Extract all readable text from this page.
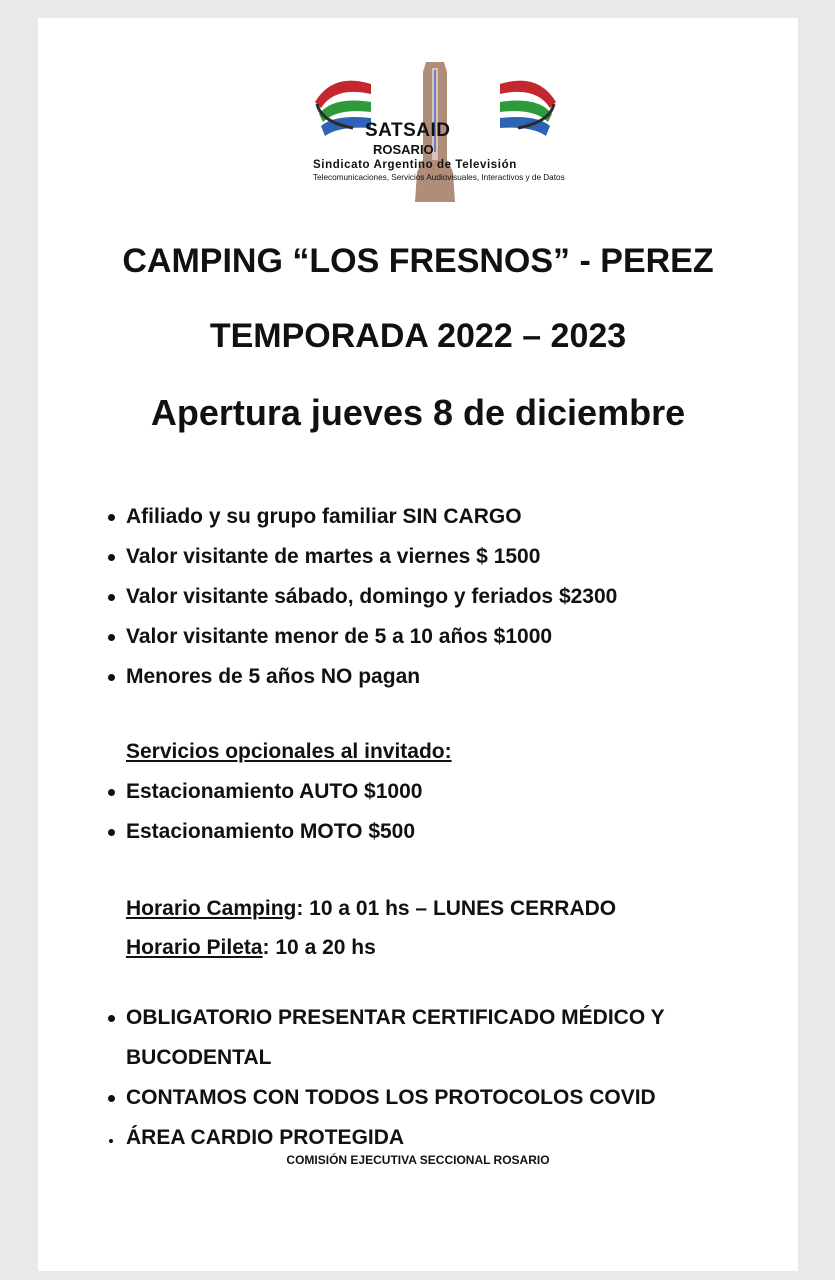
SATSAID
ROSARIO
Sindicato Argentino de Televisión
Telecomunicaciones, Servicios Audiovisuales, Interactivos y de Datos
CAMPING “LOS FRESNOS” - PEREZ
TEMPORADA 2022 – 2023
Apertura jueves 8 de diciembre
Afiliado y su grupo familiar SIN CARGO
Valor visitante de martes a viernes $ 1500
Valor visitante sábado, domingo y feriados $2300
Valor visitante menor de 5 a 10 años $1000
Menores de 5 años NO pagan
Servicios opcionales al invitado:
Estacionamiento AUTO $1000
Estacionamiento MOTO $500
Horario Camping: 10 a 01 hs – LUNES CERRADO
Horario Pileta: 10 a 20 hs
OBLIGATORIO PRESENTAR CERTIFICADO MÉDICO Y
BUCODENTAL
CONTAMOS CON TODOS LOS PROTOCOLOS COVID
ÁREA CARDIO PROTEGIDA
COMISIÓN EJECUTIVA SECCIONAL ROSARIO
